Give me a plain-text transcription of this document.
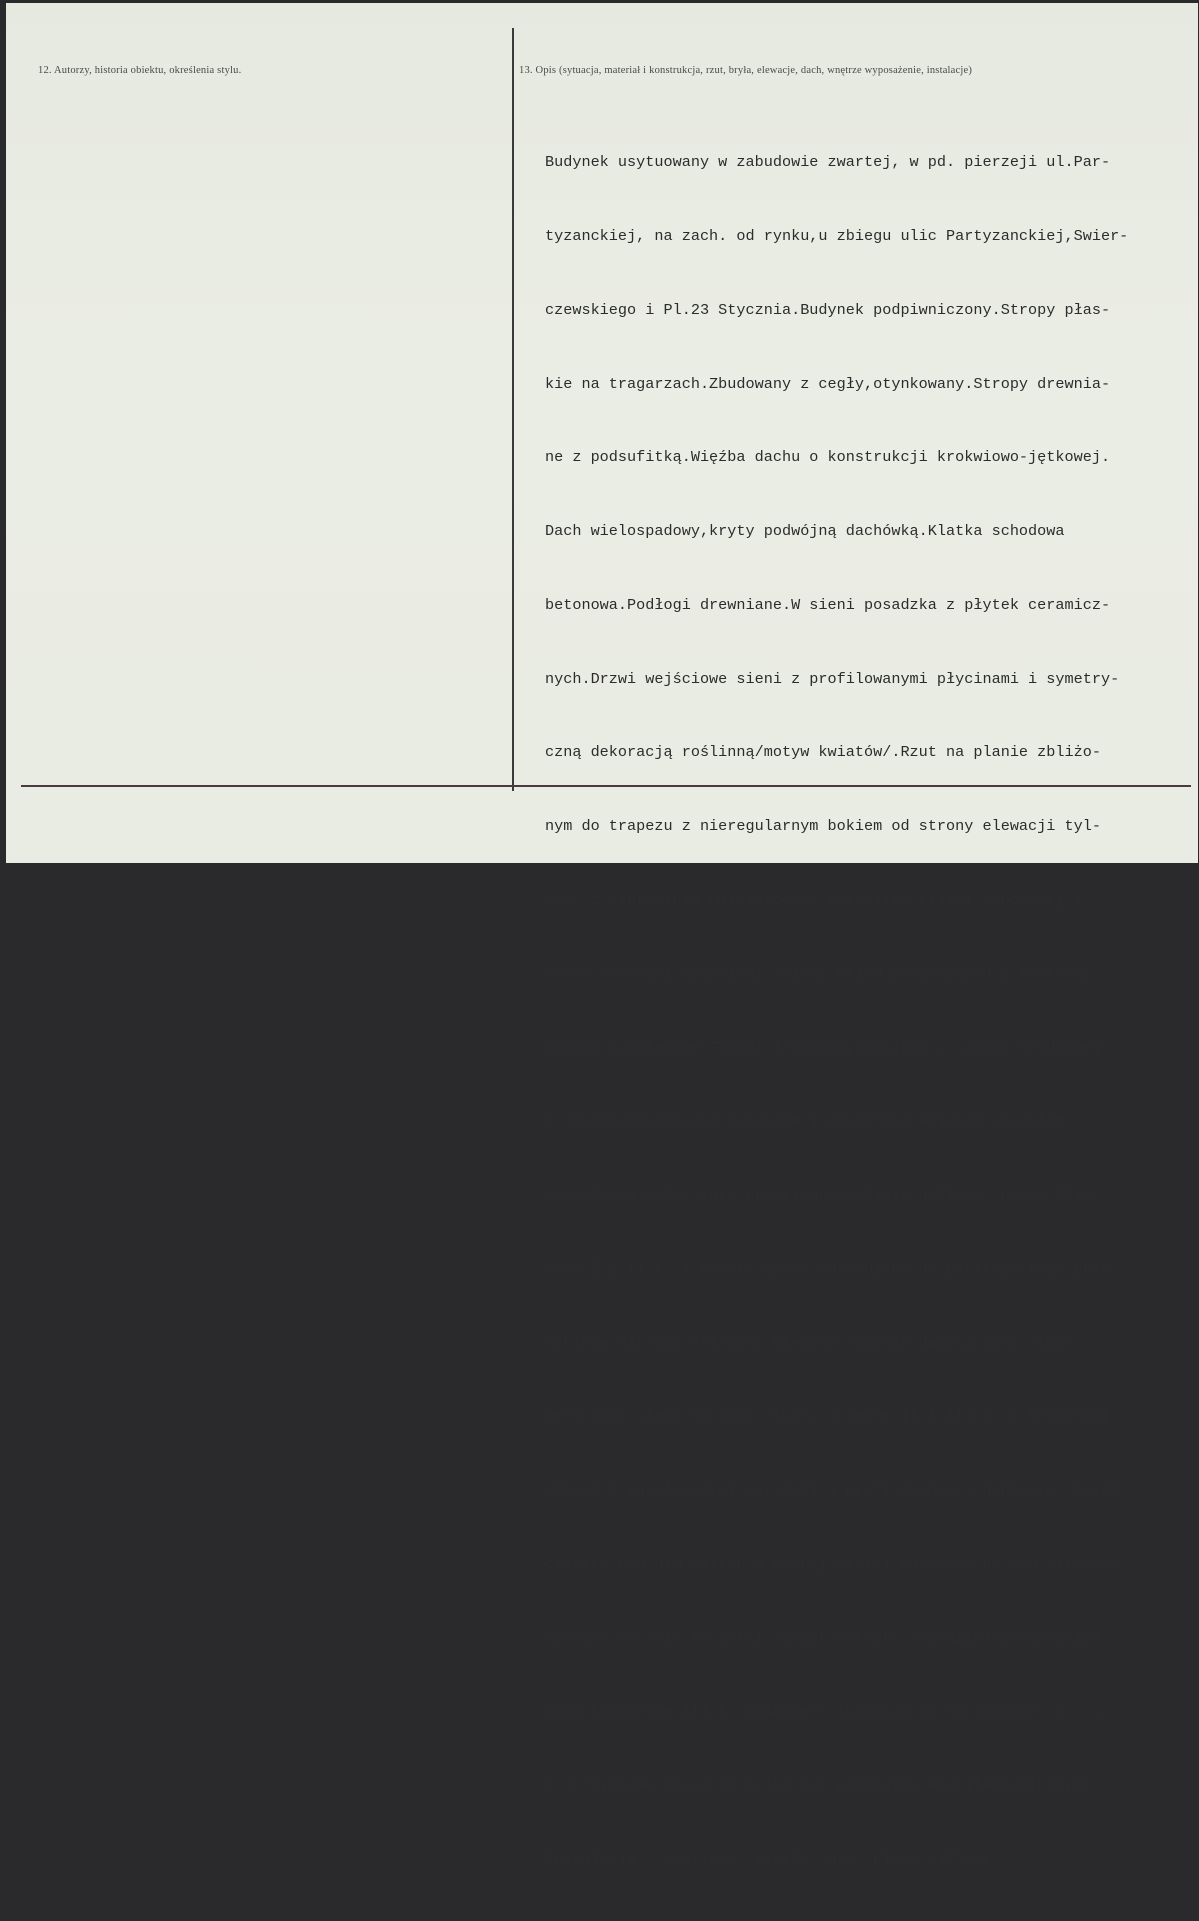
12. Autorzy, historia obiektu, określenia stylu.	13. Opis (sytuacja, materiał i konstrukcja, rzut, bryła, elewacje, dach, wnętrze wyposażenie, instalacje)

Budynek usytuowany w zabudowie zwartej, w pd. pierzeji ul.Par-

tyzanckiej, na zach. od rynku,u zbiegu ulic Partyzanckiej,Swier-

czewskiego i Pl.23 Stycznia.Budynek podpiwniczony.Stropy płas-

kie na tragarzach.Zbudowany z cegły,otynkowany.Stropy drewnia-

ne z podsufitką.Więźba dachu o konstrukcji krokwiowo-jętkowej.

Dach wielospadowy,kryty podwójną dachówką.Klatka schodowa

betonowa.Podłogi drewniane.W sieni posadzka z płytek ceramicz-

nych.Drzwi wejściowe sieni z profilowanymi płycinami i symetry-

czną dekoracją roślinną/motyw kwiatów/.Rzut na planie zbliżo-

nym do trapezu z nieregularnym bokiem od strony elewacji tyl-

nej- z centralnie umieszczonym ryzalitem klatki schodowej i

dwoma skośnymi częściami ściany.Układ pomieszczeń 1-traktowy.

Schody dwubiegowe.Fasada trójkondygnacjowa,w części środkowej

z dwukondygnacjowym wykuszem i dwukondygnacjowym szczytem.

W szczycie wątek muru pruskiego.Podziały poziome- gzyms dzie-

lący I i II k. i prosty gzyms koronujący.Na parterze trzy prze-

szklone witryny sklepowe.Niesymetrycznie umieszczony otwór

wejściowy sieni.Skrajne otwory okienne II i III k. z balkonami.

Wykusz z kanelowanymi narożami i profilowanym/schodkowym/ zwień-

czeniem.Nad nim balkon.W dolnej części dachowej po obu stronach

szczytu po dwie facjatki.Szczyt nakryty samodzielnym daszkiem.

Okna balkonowe III k. zamknięte łukowo.Okna skrzynkowe, 1-, i

2-skrzynkowe.Elewacja tylna bez podziałów architektonicznych.

Instalacje - wod.-kan.,elektr.,gaz.,piece kaflowe.
